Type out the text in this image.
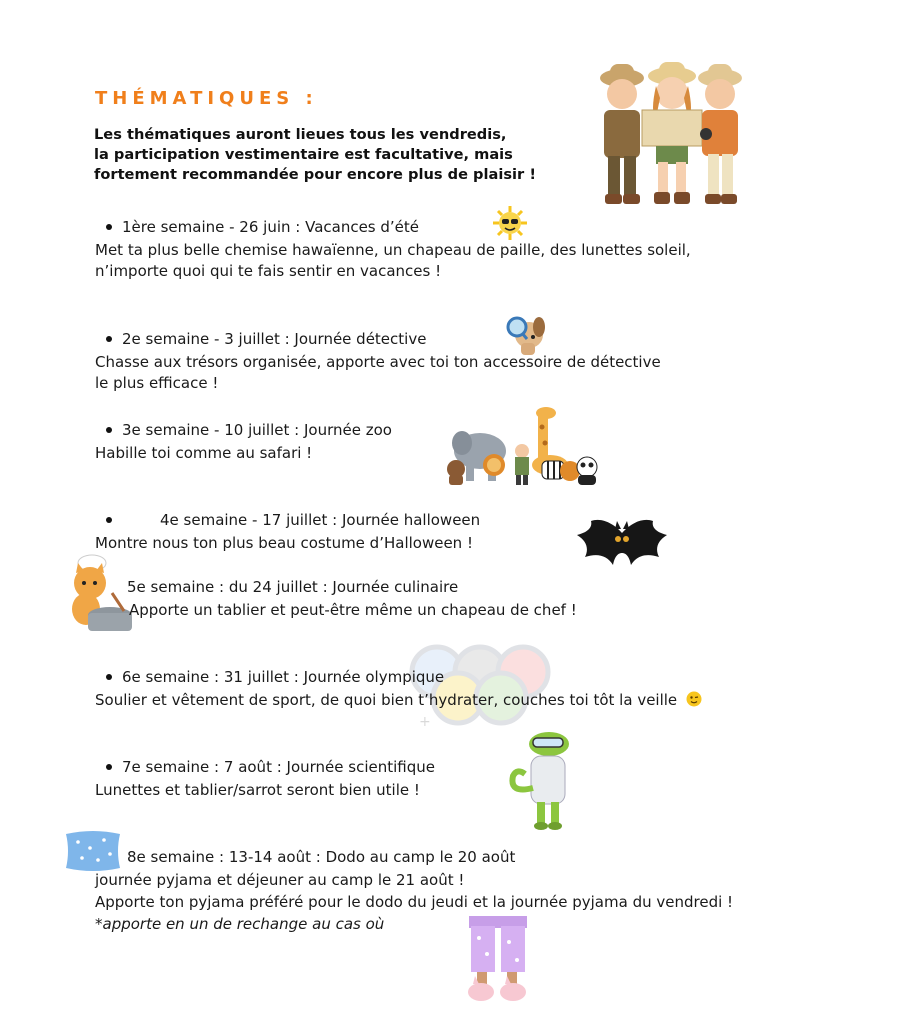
THÉMATIQUES :
Les thématiques auront lieues tous les vendredis,
la participation vestimentaire est facultative, mais
fortement recommandée pour encore plus de plaisir !
1ère semaine - 26 juin : Vacances d’été
Met ta plus belle chemise hawaïenne, un chapeau de paille, des lunettes soleil,
n’importe quoi qui te fais sentir en vacances !
2e semaine - 3 juillet : Journée détective
Chasse aux trésors organisée, apporte avec toi ton accessoire de détective
le plus efficace !
3e semaine - 10 juillet : Journée zoo
Habille toi comme au safari !
4e semaine - 17 juillet : Journée halloween
Montre nous ton plus beau costume d’Halloween !
5e semaine : du 24 juillet : Journée culinaire
Apporte un tablier et peut-être même un chapeau de chef !
+
6e semaine : 31 juillet : Journée olympique
Soulier et vêtement de sport, de quoi bien t’hydrater, couches toi tôt la veille
7e semaine : 7 août : Journée scientifique
Lunettes et tablier/sarrot seront bien utile !
8e semaine : 13-14 août : Dodo au camp le 20 août
journée pyjama et déjeuner au camp le 21 août !
Apporte ton pyjama préféré pour le dodo du jeudi et la journée pyjama du vendredi !
*apporte en un de rechange au cas où
